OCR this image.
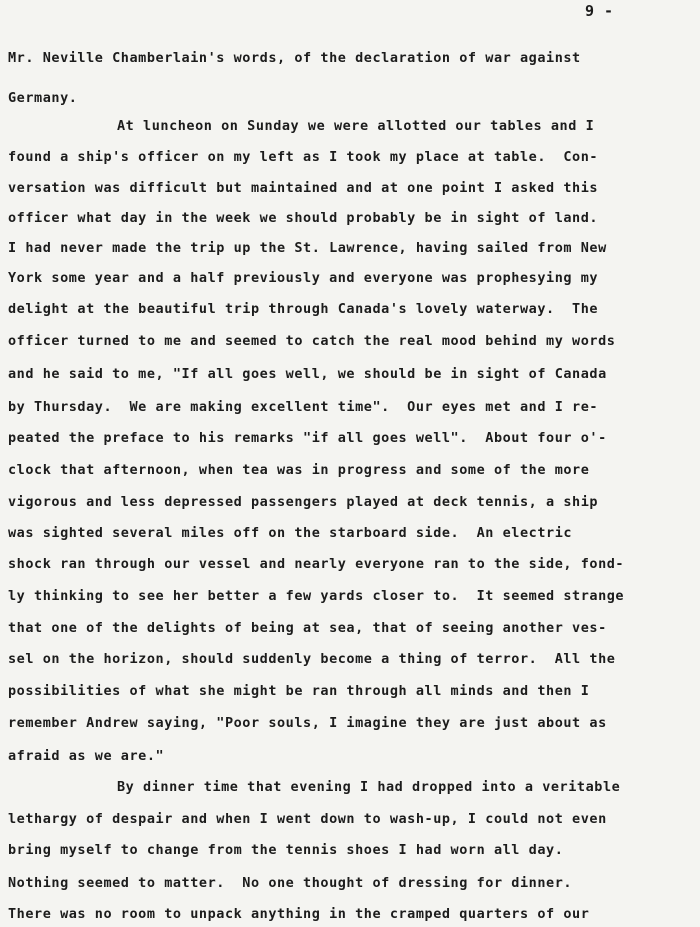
9 -
Mr. Neville Chamberlain's words, of the declaration of war against
Germany.
At luncheon on Sunday we were allotted our tables and I
found a ship's officer on my left as I took my place at table.  Con-
versation was difficult but maintained and at one point I asked this
officer what day in the week we should probably be in sight of land.
I had never made the trip up the St. Lawrence, having sailed from New
York some year and a half previously and everyone was prophesying my
delight at the beautiful trip through Canada's lovely waterway.  The
officer turned to me and seemed to catch the real mood behind my words
and he said to me, "If all goes well, we should be in sight of Canada
by Thursday.  We are making excellent time".  Our eyes met and I re-
peated the preface to his remarks "if all goes well".  About four o'-
clock that afternoon, when tea was in progress and some of the more
vigorous and less depressed passengers played at deck tennis, a ship
was sighted several miles off on the starboard side.  An electric
shock ran through our vessel and nearly everyone ran to the side, fond-
ly thinking to see her better a few yards closer to.  It seemed strange
that one of the delights of being at sea, that of seeing another ves-
sel on the horizon, should suddenly become a thing of terror.  All the
possibilities of what she might be ran through all minds and then I
remember Andrew saying, "Poor souls, I imagine they are just about as
afraid as we are."
By dinner time that evening I had dropped into a veritable
lethargy of despair and when I went down to wash-up, I could not even
bring myself to change from the tennis shoes I had worn all day.
Nothing seemed to matter.  No one thought of dressing for dinner.
There was no room to unpack anything in the cramped quarters of our
